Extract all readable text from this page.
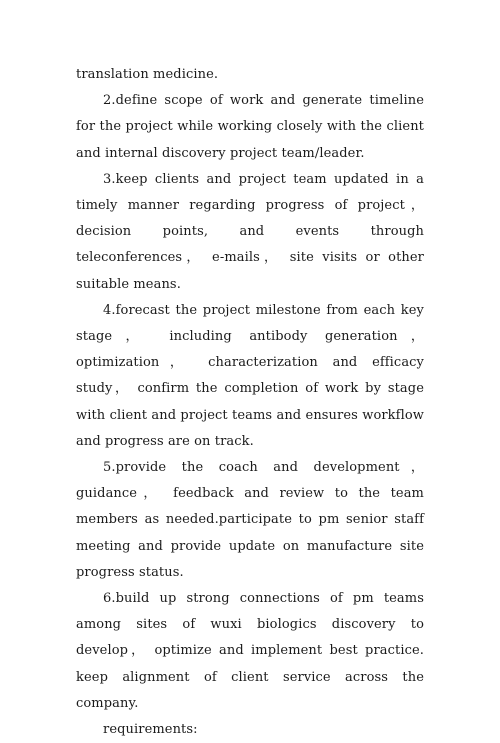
translation medicine.

2.define scope of work and generate timeline for the project while working closely with the client and internal discovery project team/leader.

3.keep clients and project team updated in a timely manner regarding progress of project， decision points, and events through teleconferences， e-mails， site visits or other suitable means.

4.forecast the project milestone from each key stage， including antibody generation， optimization， characterization and efficacy study， confirm the completion of work by stage with client and project teams and ensures workflow and progress are on track.

5.provide the coach and development， guidance， feedback and review to the team members as needed.participate to pm senior staff meeting and provide update on manufacture site progress status.

6.build up strong connections of pm teams among sites of wuxi biologics discovery to develop， optimize and implement best practice. keep alignment of client service across the company.

requirements:
